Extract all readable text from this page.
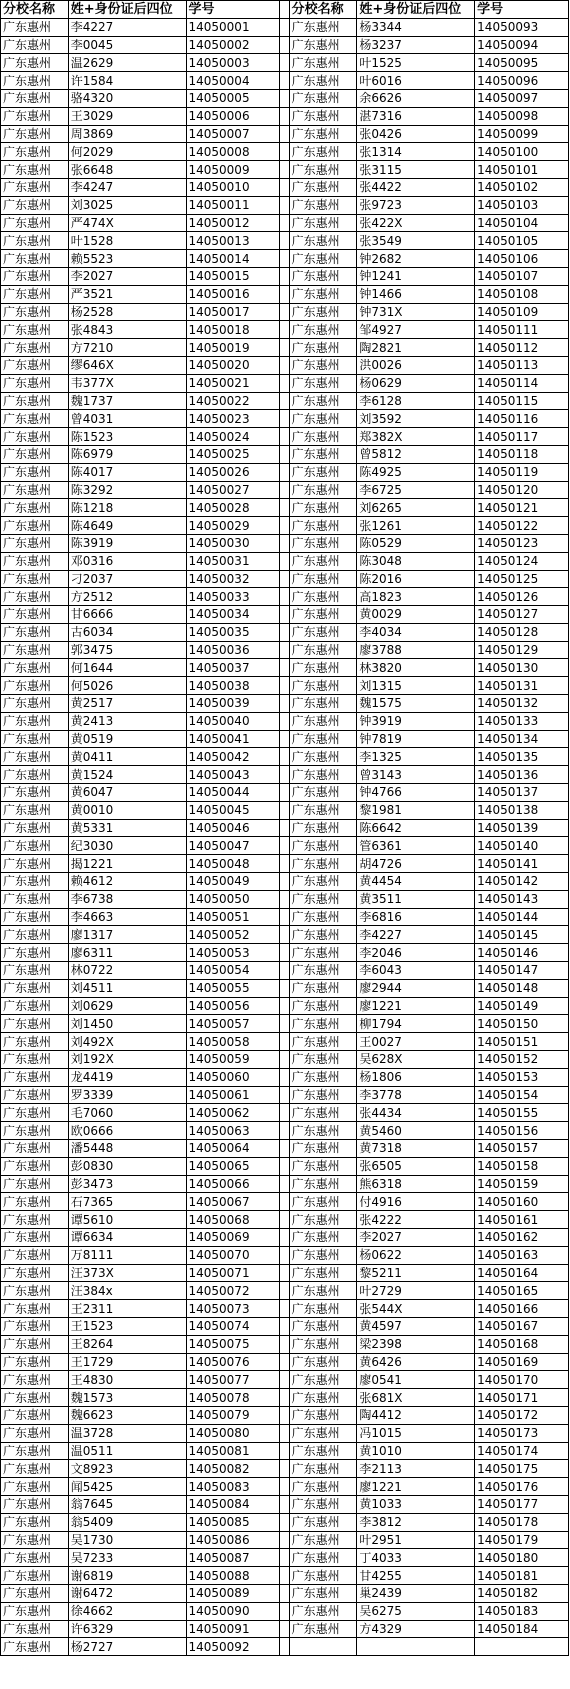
分校名称	姓+身份证后四位	学号		分校名称	姓+身份证后四位	学号
广东惠州	李4227	14050001		广东惠州	杨3344	14050093
广东惠州	李0045	14050002		广东惠州	杨3237	14050094
广东惠州	温2629	14050003		广东惠州	叶1525	14050095
广东惠州	许1584	14050004		广东惠州	叶6016	14050096
广东惠州	骆4320	14050005		广东惠州	余6626	14050097
广东惠州	王3029	14050006		广东惠州	湛7316	14050098
广东惠州	周3869	14050007		广东惠州	张0426	14050099
广东惠州	何2029	14050008		广东惠州	张1314	14050100
广东惠州	张6648	14050009		广东惠州	张3115	14050101
广东惠州	李4247	14050010		广东惠州	张4422	14050102
广东惠州	刘3025	14050011		广东惠州	张9723	14050103
广东惠州	严474X	14050012		广东惠州	张422X	14050104
广东惠州	叶1528	14050013		广东惠州	张3549	14050105
广东惠州	赖5523	14050014		广东惠州	钟2682	14050106
广东惠州	李2027	14050015		广东惠州	钟1241	14050107
广东惠州	严3521	14050016		广东惠州	钟1466	14050108
广东惠州	杨2528	14050017		广东惠州	钟731X	14050109
广东惠州	张4843	14050018		广东惠州	邹4927	14050111
广东惠州	方7210	14050019		广东惠州	陶2821	14050112
广东惠州	缪646X	14050020		广东惠州	洪0026	14050113
广东惠州	韦377X	14050021		广东惠州	杨0629	14050114
广东惠州	魏1737	14050022		广东惠州	李6128	14050115
广东惠州	曾4031	14050023		广东惠州	刘3592	14050116
广东惠州	陈1523	14050024		广东惠州	郑382X	14050117
广东惠州	陈6979	14050025		广东惠州	曾5812	14050118
广东惠州	陈4017	14050026		广东惠州	陈4925	14050119
广东惠州	陈3292	14050027		广东惠州	李6725	14050120
广东惠州	陈1218	14050028		广东惠州	刘6265	14050121
广东惠州	陈4649	14050029		广东惠州	张1261	14050122
广东惠州	陈3919	14050030		广东惠州	陈0529	14050123
广东惠州	邓0316	14050031		广东惠州	陈3048	14050124
广东惠州	刁2037	14050032		广东惠州	陈2016	14050125
广东惠州	方2512	14050033		广东惠州	高1823	14050126
广东惠州	甘6666	14050034		广东惠州	黄0029	14050127
广东惠州	古6034	14050035		广东惠州	李4034	14050128
广东惠州	郭3475	14050036		广东惠州	廖3788	14050129
广东惠州	何1644	14050037		广东惠州	林3820	14050130
广东惠州	何5026	14050038		广东惠州	刘1315	14050131
广东惠州	黄2517	14050039		广东惠州	魏1575	14050132
广东惠州	黄2413	14050040		广东惠州	钟3919	14050133
广东惠州	黄0519	14050041		广东惠州	钟7819	14050134
广东惠州	黄0411	14050042		广东惠州	李1325	14050135
广东惠州	黄1524	14050043		广东惠州	曾3143	14050136
广东惠州	黄6047	14050044		广东惠州	钟4766	14050137
广东惠州	黄0010	14050045		广东惠州	黎1981	14050138
广东惠州	黄5331	14050046		广东惠州	陈6642	14050139
广东惠州	纪3030	14050047		广东惠州	管6361	14050140
广东惠州	揭1221	14050048		广东惠州	胡4726	14050141
广东惠州	赖4612	14050049		广东惠州	黄4454	14050142
广东惠州	李6738	14050050		广东惠州	黄3511	14050143
广东惠州	李4663	14050051		广东惠州	李6816	14050144
广东惠州	廖1317	14050052		广东惠州	李4227	14050145
广东惠州	廖6311	14050053		广东惠州	李2046	14050146
广东惠州	林0722	14050054		广东惠州	李6043	14050147
广东惠州	刘4511	14050055		广东惠州	廖2944	14050148
广东惠州	刘0629	14050056		广东惠州	廖1221	14050149
广东惠州	刘1450	14050057		广东惠州	柳1794	14050150
广东惠州	刘492X	14050058		广东惠州	王0027	14050151
广东惠州	刘192X	14050059		广东惠州	吴628X	14050152
广东惠州	龙4419	14050060		广东惠州	杨1806	14050153
广东惠州	罗3339	14050061		广东惠州	李3778	14050154
广东惠州	毛7060	14050062		广东惠州	张4434	14050155
广东惠州	欧0666	14050063		广东惠州	黄5460	14050156
广东惠州	潘5448	14050064		广东惠州	黄7318	14050157
广东惠州	彭0830	14050065		广东惠州	张6505	14050158
广东惠州	彭3473	14050066		广东惠州	熊6318	14050159
广东惠州	石7365	14050067		广东惠州	付4916	14050160
广东惠州	谭5610	14050068		广东惠州	张4222	14050161
广东惠州	谭6634	14050069		广东惠州	李2027	14050162
广东惠州	万8111	14050070		广东惠州	杨0622	14050163
广东惠州	汪373X	14050071		广东惠州	黎5211	14050164
广东惠州	汪384x	14050072		广东惠州	叶2729	14050165
广东惠州	王2311	14050073		广东惠州	张544X	14050166
广东惠州	王1523	14050074		广东惠州	黄4597	14050167
广东惠州	王8264	14050075		广东惠州	梁2398	14050168
广东惠州	王1729	14050076		广东惠州	黄6426	14050169
广东惠州	王4830	14050077		广东惠州	廖0541	14050170
广东惠州	魏1573	14050078		广东惠州	张681X	14050171
广东惠州	魏6623	14050079		广东惠州	陶4412	14050172
广东惠州	温3728	14050080		广东惠州	冯1015	14050173
广东惠州	温0511	14050081		广东惠州	黄1010	14050174
广东惠州	文8923	14050082		广东惠州	李2113	14050175
广东惠州	闻5425	14050083		广东惠州	廖1221	14050176
广东惠州	翁7645	14050084		广东惠州	黄1033	14050177
广东惠州	翁5409	14050085		广东惠州	李3812	14050178
广东惠州	吴1730	14050086		广东惠州	叶2951	14050179
广东惠州	吴7233	14050087		广东惠州	丁4033	14050180
广东惠州	谢6819	14050088		广东惠州	甘4255	14050181
广东惠州	谢6472	14050089		广东惠州	巢2439	14050182
广东惠州	徐4662	14050090		广东惠州	吴6275	14050183
广东惠州	许6329	14050091		广东惠州	方4329	14050184
广东惠州	杨2727	14050092				
